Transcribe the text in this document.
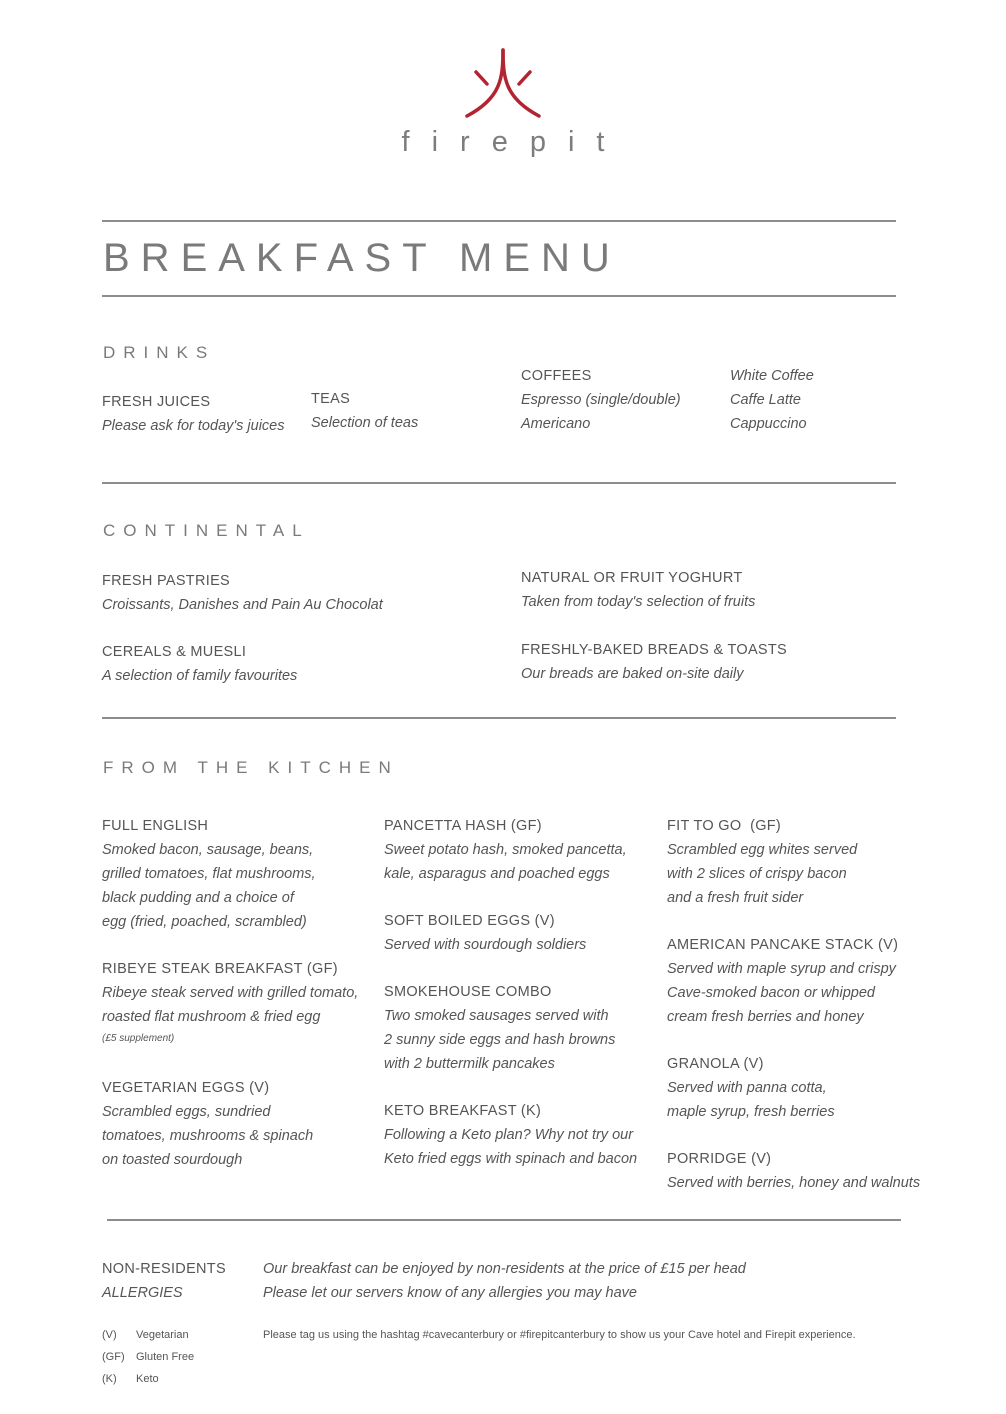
firepit
BREAKFAST MENU
DRINKS
FRESH JUICES
Please ask for today's juices
TEAS
Selection of teas
COFFEES
Espresso (single/double)
Americano
White Coffee
Caffe Latte
Cappuccino
CONTINENTAL
FRESH PASTRIES
Croissants, Danishes and Pain Au Chocolat
CEREALS & MUESLI
A selection of family favourites
NATURAL OR FRUIT YOGHURT
Taken from today's selection of fruits
FRESHLY-BAKED BREADS & TOASTS
Our breads are baked on-site daily
FROM THE KITCHEN
FULL ENGLISH
Smoked bacon, sausage, beans,
grilled tomatoes, flat mushrooms,
black pudding and a choice of
egg (fried, poached, scrambled)
RIBEYE STEAK BREAKFAST (GF)
Ribeye steak served with grilled tomato,
roasted flat mushroom & fried egg
(£5 supplement)
VEGETARIAN EGGS (V)
Scrambled eggs, sundried
tomatoes, mushrooms & spinach
on toasted sourdough
PANCETTA HASH (GF)
Sweet potato hash, smoked pancetta,
kale, asparagus and poached eggs
SOFT BOILED EGGS (V)
Served with sourdough soldiers
SMOKEHOUSE COMBO
Two smoked sausages served with
2 sunny side eggs and hash browns
with 2 buttermilk pancakes
KETO BREAKFAST (K)
Following a Keto plan? Why not try our
Keto fried eggs with spinach and bacon
FIT TO GO  (GF)
Scrambled egg whites served
with 2 slices of crispy bacon
and a fresh fruit sider
AMERICAN PANCAKE STACK (V)
Served with maple syrup and crispy
Cave-smoked bacon or whipped
cream fresh berries and honey
GRANOLA (V)
Served with panna cotta,
maple syrup, fresh berries
PORRIDGE (V)
Served with berries, honey and walnuts
NON-RESIDENTS
ALLERGIES
Our breakfast can be enjoyed by non-residents at the price of £15 per head
Please let our servers know of any allergies you may have
(V) Vegetarian
(GF) Gluten Free
(K) Keto
Please tag us using the hashtag #cavecanterbury or #firepitcanterbury to show us your Cave hotel and Firepit experience.
